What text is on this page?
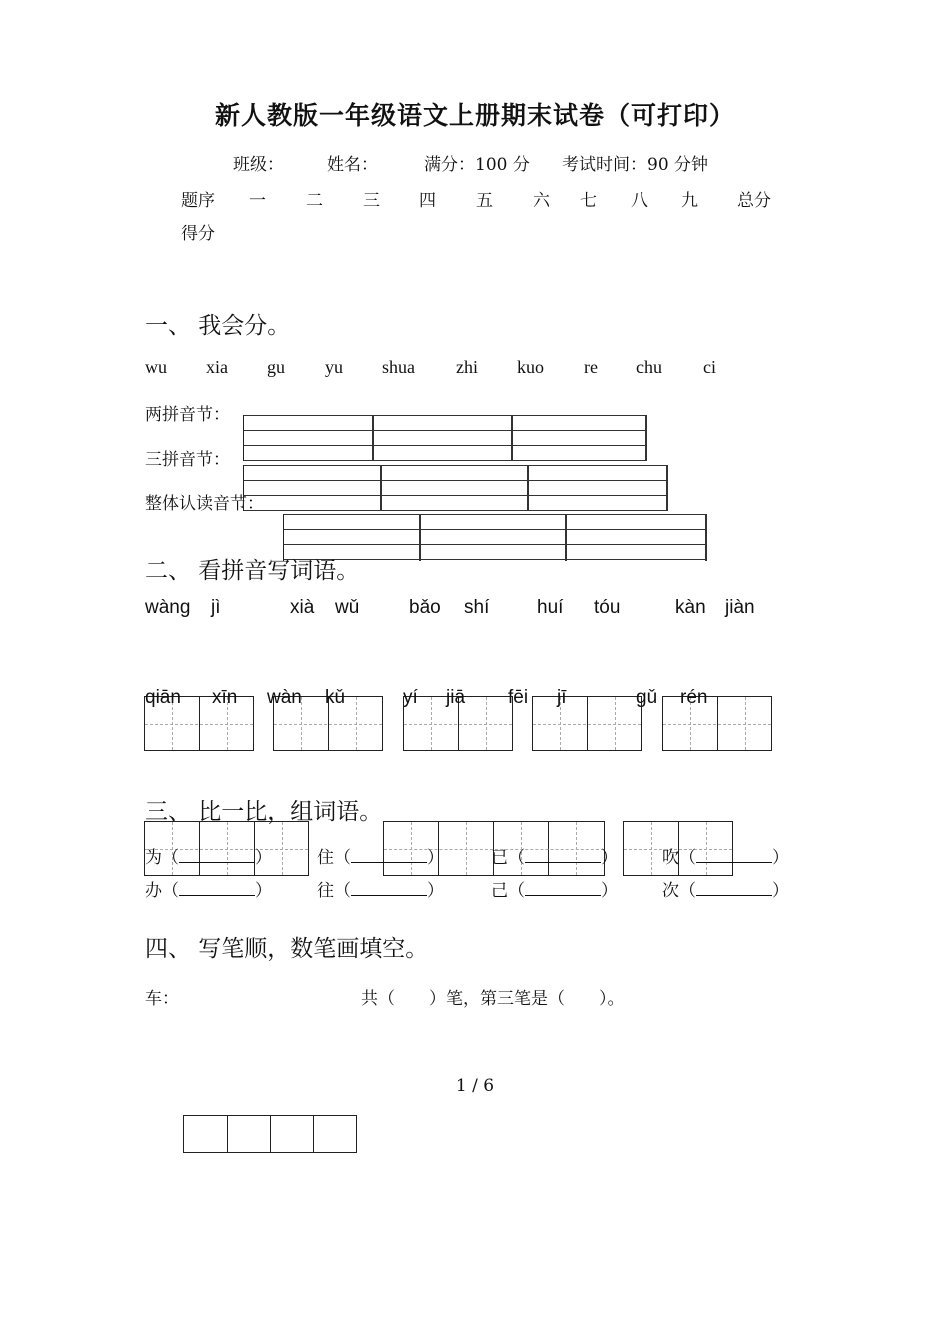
新人教版一年级语文上册期末试卷（可打印）
班级：	姓名：	满分：100 分 考试时间：90 分钟
题序 一 二 三 四 五 六 七 八 九 总分
得分
一、 我会分。
wu xia gu yu shua zhi kuo re chu ci
两拼音节：
三拼音节：
整体认读音节：
二、 看拼音写词语。
wàng jì	xià wǔ	bǎo shí	huí tóu	kàn jiàn
qiān xīn wàn kǔ	yí jiā fēi jī	gǔ rén
三、 比一比，组词语。
为（	）	住（	）	已（	）	吹（	）
办（	）	往（	）	己（	）	次（	）
四、 写笔顺，数笔画填空。
车：	共（　　）笔，第三笔是（　　）。
1 / 6
